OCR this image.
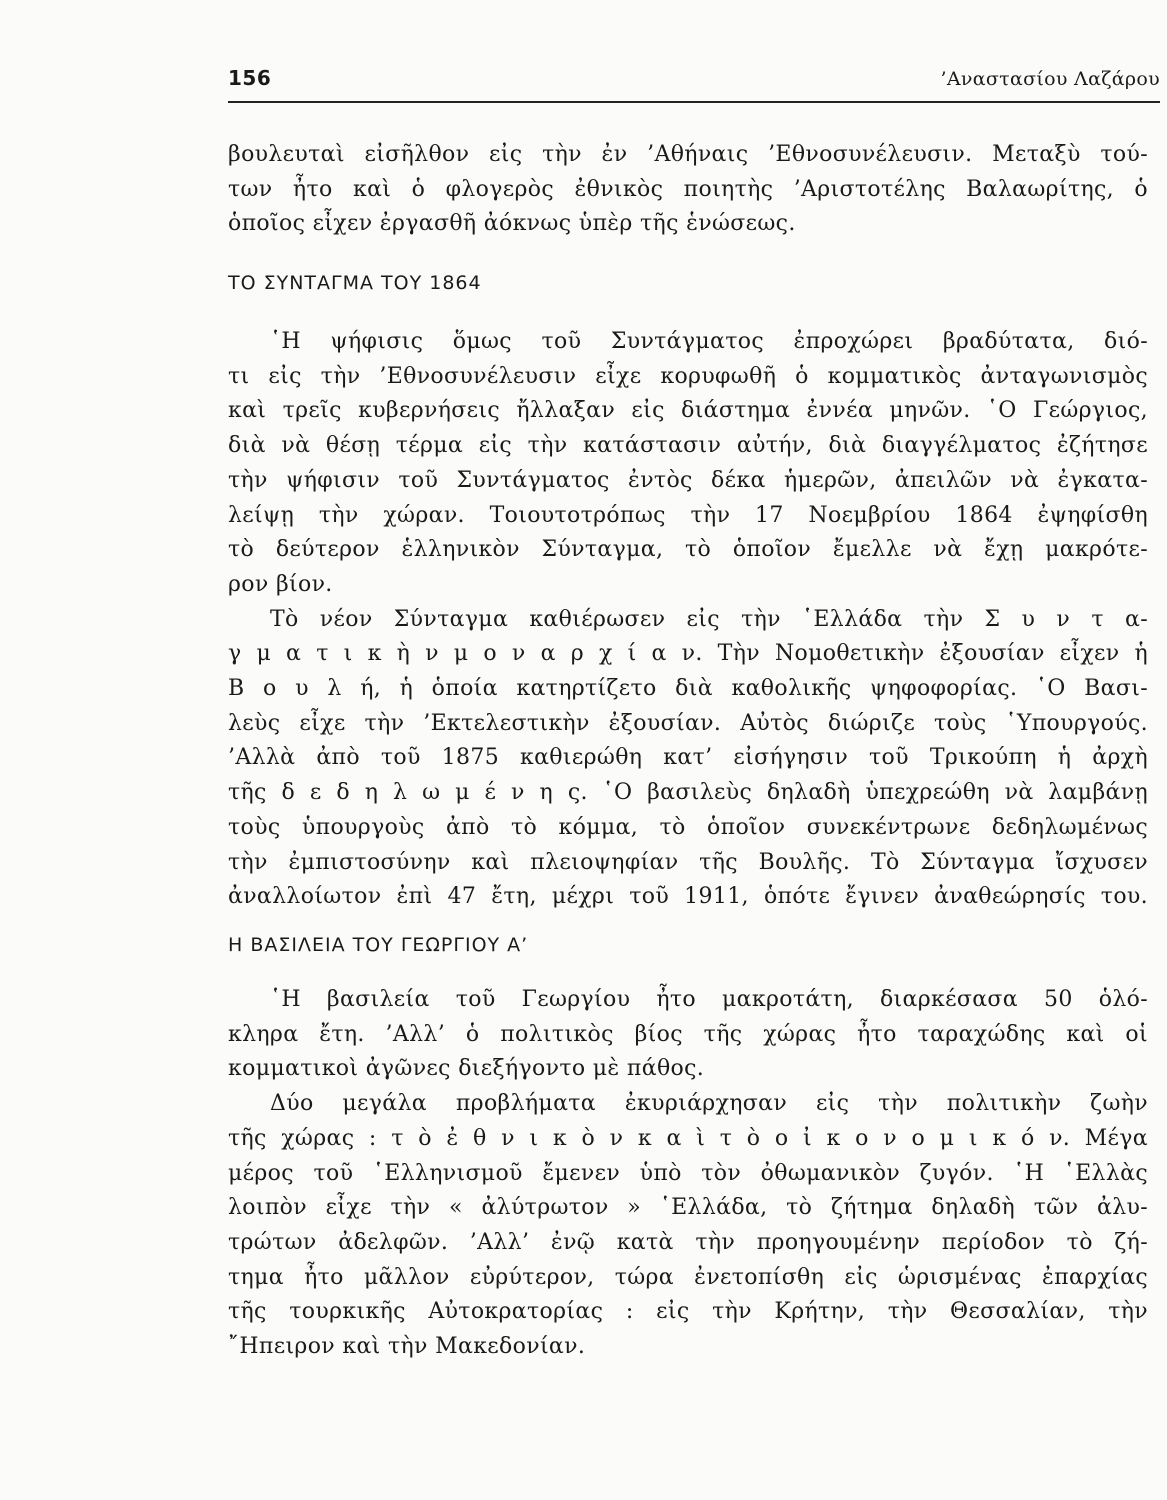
156	’Αναστασίου Λαζάρου
βουλευταὶ εἰσῆλθον εἰς τὴν ἐν ’Αθήναις ’Εθνοσυνέλευσιν. Μεταξὺ τού-
των ἦτο καὶ ὁ φλογερὸς ἐθνικὸς ποιητὴς ’Αριστοτέλης Βαλαωρίτης, ὁ
ὁποῖος εἶχεν ἐργασθῆ ἀόκνως ὑπὲρ τῆς ἑνώσεως.
ΤΟ ΣΥΝΤΑΓΜΑ ΤΟΥ 1864
῾Η ψήφισις ὅμως τοῦ Συντάγματος ἐπροχώρει βραδύτατα, διό-
τι εἰς τὴν ’Εθνοσυνέλευσιν εἶχε κορυφωθῆ ὁ κομματικὸς ἀνταγωνισμὸς
καὶ τρεῖς κυβερνήσεις ἤλλαξαν εἰς διάστημα ἐννέα μηνῶν. ῾Ο Γεώργιος,
διὰ νὰ θέσῃ τέρμα εἰς τὴν κατάστασιν αὐτήν, διὰ διαγγέλματος ἐζήτησε
τὴν ψήφισιν τοῦ Συντάγματος ἐντὸς δέκα ἡμερῶν, ἀπειλῶν νὰ ἐγκατα-
λείψῃ τὴν χώραν. Τοιουτοτρόπως τὴν 17 Νοεμβρίου 1864 ἐψηφίσθη
τὸ δεύτερον ἑλληνικὸν Σύνταγμα, τὸ ὁποῖον ἔμελλε νὰ ἔχῃ μακρότε-
ρον βίον.
Τὸ νέον Σύνταγμα καθιέρωσεν εἰς τὴν ῾Ελλάδα τὴν Σ υ ν τ α-
γ μ α τ ι κ ὴ ν μ ο ν α ρ χ ί α ν. Τὴν Νομοθετικὴν ἐξουσίαν εἶχεν ἡ
Β ο υ λ ή, ἡ ὁποία κατηρτίζετο διὰ καθολικῆς ψηφοφορίας. ῾Ο Βασι-
λεὺς εἶχε τὴν ’Εκτελεστικὴν ἐξουσίαν. Αὐτὸς διώριζε τοὺς ῾Υπουργούς.
’Αλλὰ ἀπὸ τοῦ 1875 καθιερώθη κατ’ εἰσήγησιν τοῦ Τρικούπη ἡ ἀρχὴ
τῆς δ ε δ η λ ω μ έ ν η ς. ῾Ο βασιλεὺς δηλαδὴ ὑπεχρεώθη νὰ λαμβάνῃ
τοὺς ὑπουργοὺς ἀπὸ τὸ κόμμα, τὸ ὁποῖον συνεκέντρωνε δεδηλωμένως
τὴν ἐμπιστοσύνην καὶ πλειοψηφίαν τῆς Βουλῆς. Τὸ Σύνταγμα ἴσχυσεν
ἀναλλοίωτον ἐπὶ 47 ἔτη, μέχρι τοῦ 1911, ὁπότε ἔγινεν ἀναθεώρησίς του.
Η ΒΑΣΙΛΕΙΑ ΤΟΥ ΓΕΩΡΓΙΟΥ Α’
῾Η βασιλεία τοῦ Γεωργίου ἦτο μακροτάτη, διαρκέσασα 50 ὁλό-
κληρα ἔτη. ’Αλλ’ ὁ πολιτικὸς βίος τῆς χώρας ἦτο ταραχώδης καὶ οἱ
κομματικοὶ ἀγῶνες διεξήγοντο μὲ πάθος.
Δύο μεγάλα προβλήματα ἐκυριάρχησαν εἰς τὴν πολιτικὴν ζωὴν
τῆς χώρας : τ ὸ ἐ θ ν ι κ ὸ ν κ α ὶ τ ὸ ο ἰ κ ο ν ο μ ι κ ό ν. Μέγα
μέρος τοῦ ῾Ελληνισμοῦ ἔμενεν ὑπὸ τὸν ὀθωμανικὸν ζυγόν. ῾Η ῾Ελλὰς
λοιπὸν εἶχε τὴν « ἀλύτρωτον » ῾Ελλάδα, τὸ ζήτημα δηλαδὴ τῶν ἀλυ-
τρώτων ἀδελφῶν. ’Αλλ’ ἐνῷ κατὰ τὴν προηγουμένην περίοδον τὸ ζή-
τημα ἦτο μᾶλλον εὐρύτερον, τώρα ἐνετοπίσθη εἰς ὡρισμένας ἐπαρχίας
τῆς τουρκικῆς Αὐτοκρατορίας : εἰς τὴν Κρήτην, τὴν Θεσσαλίαν, τὴν
῎Ηπειρον καὶ τὴν Μακεδονίαν.
